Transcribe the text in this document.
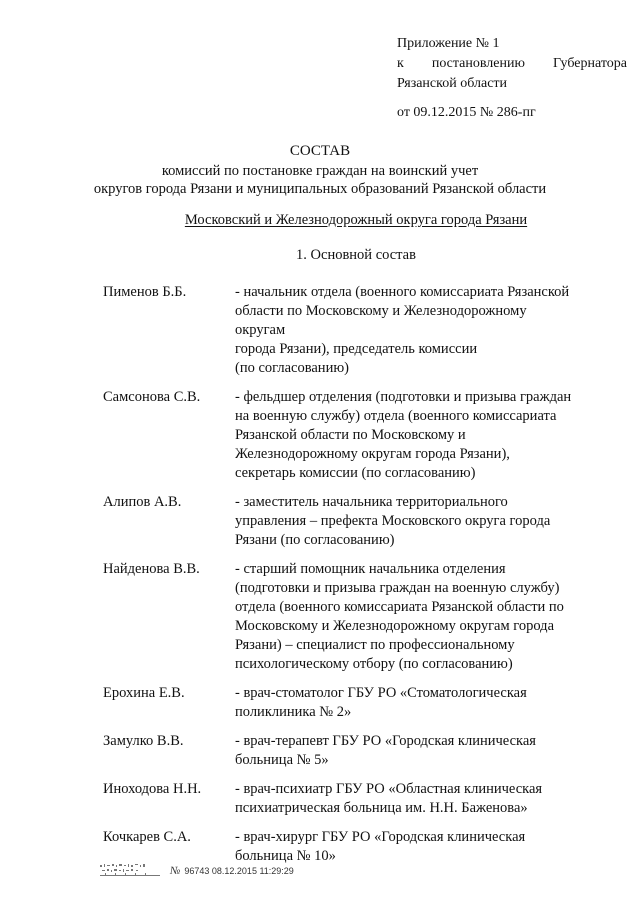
Приложение № 1
к постановлению Губернатора
Рязанской области
от 09.12.2015 № 286-пг
СОСТАВ
комиссий по постановке граждан на воинский учет
округов города Рязани и муниципальных образований Рязанской области
Московский и Железнодорожный округа города Рязани
1. Основной состав
Пименов Б.Б.	- начальник отдела (военного комиссариата Рязанской
области по Московскому и Железнодорожному округам
города Рязани), председатель комиссии
(по согласованию)
Самсонова С.В.	- фельдшер отделения (подготовки и призыва граждан
на военную службу) отдела (военного комиссариата
Рязанской области по Московскому и
Железнодорожному округам города Рязани),
секретарь комиссии (по согласованию)
Алипов А.В.	- заместитель начальника территориального
управления – префекта Московского округа города
Рязани (по согласованию)
Найденова В.В.	- старший помощник начальника отделения
(подготовки и призыва граждан на военную службу)
отдела (военного комиссариата Рязанской области по
Московскому и Железнодорожному округам города
Рязани) – специалист по профессиональному
психологическому отбору (по согласованию)
Ерохина Е.В.	- врач-стоматолог ГБУ РО «Стоматологическая
поликлиника № 2»
Замулко В.В.	- врач-терапевт ГБУ РО «Городская клиническая
больница № 5»
Иноходова Н.Н.	- врач-психиатр ГБУ РО «Областная клиническая
психиатрическая больница им. Н.Н. Баженова»
Кочкарев С.А.	- врач-хирург ГБУ РО «Городская клиническая
больница № 10»
№ 96743 08.12.2015 11:29:29
